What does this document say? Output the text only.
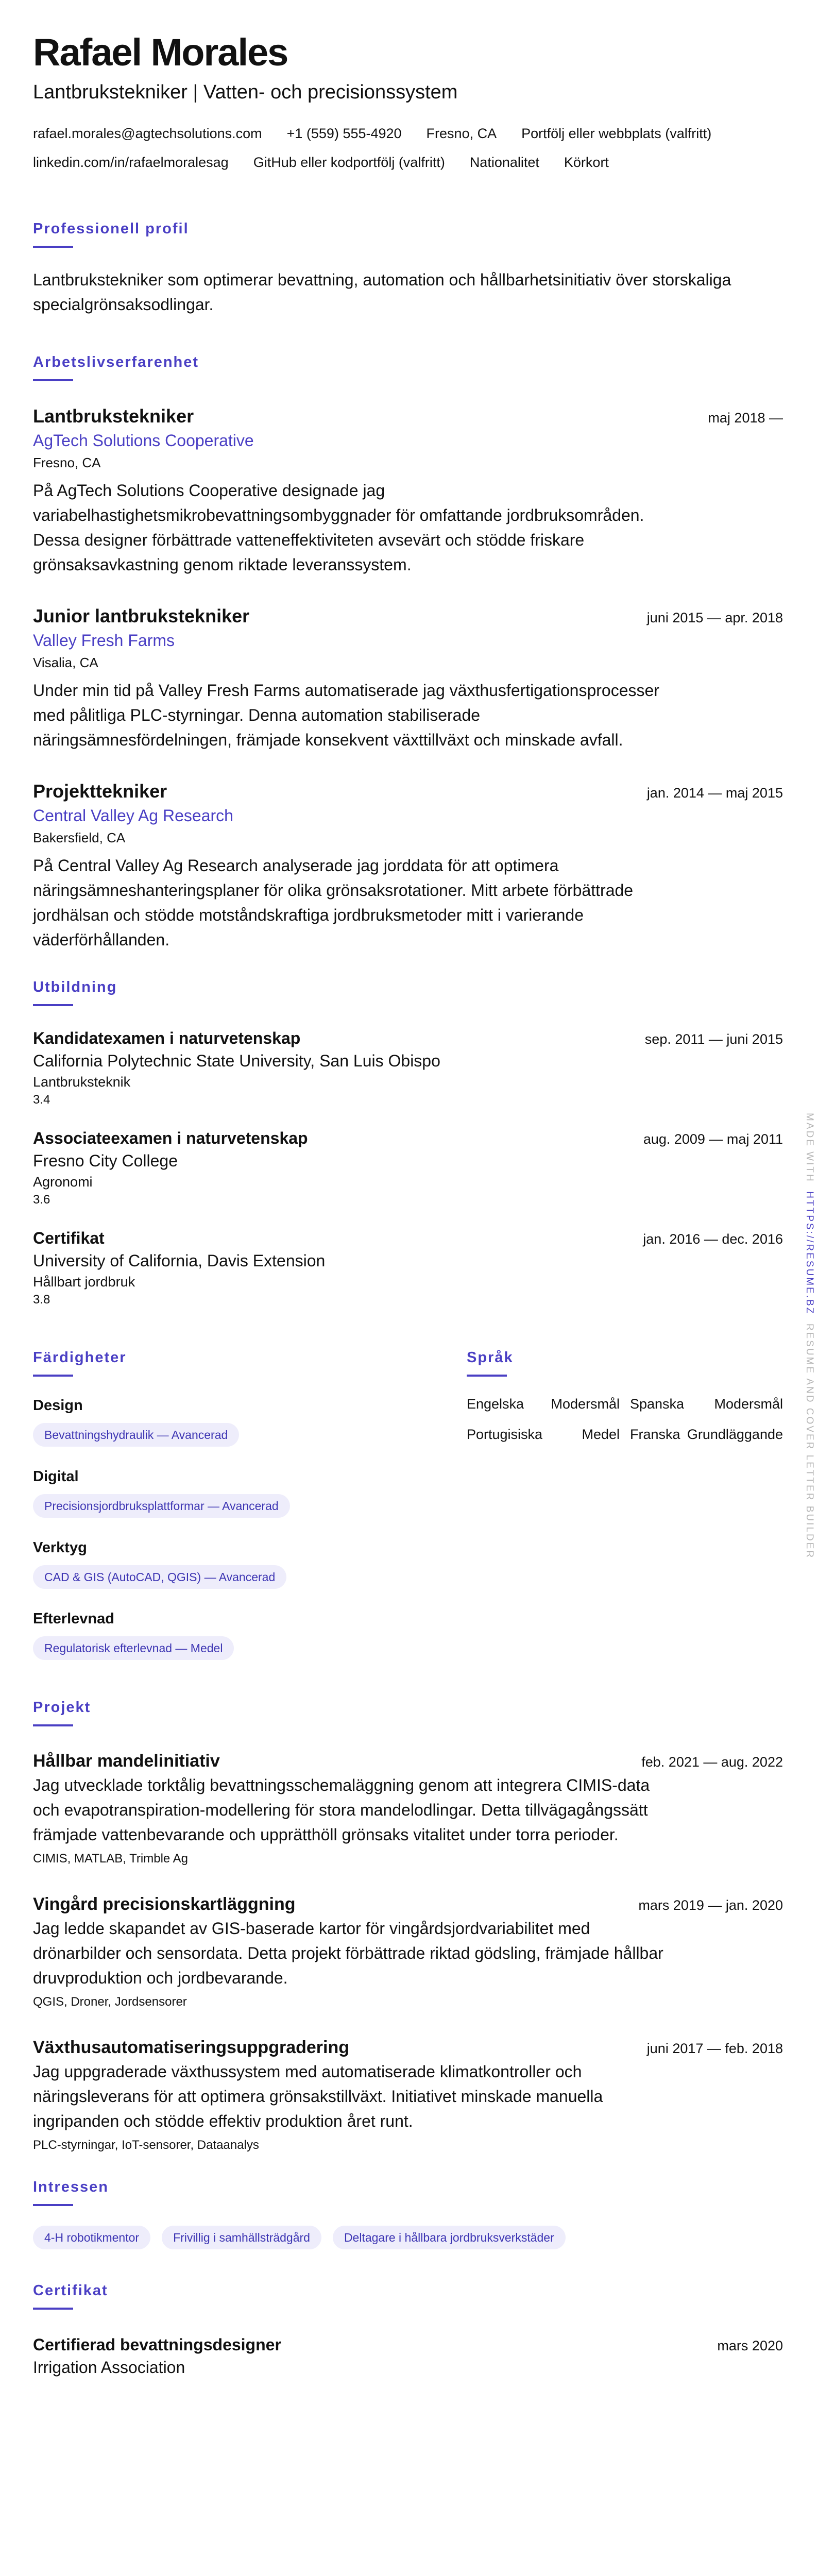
Rafael Morales
Lantbrukstekniker | Vatten- och precisionssystem
rafael.morales@agtechsolutions.com +1 (559) 555-4920 Fresno, CA Portfölj eller webbplats (valfritt)
linkedin.com/in/rafaelmoralesag GitHub eller kodportfölj (valfritt) Nationalitet Körkort
Professionell profil
Lantbrukstekniker som optimerar bevattning, automation och hållbarhetsinitiativ över storskaliga specialgrönsaksodlingar.
Arbetslivserfarenhet
Lantbrukstekniker	maj 2018 —
AgTech Solutions Cooperative
Fresno, CA
På AgTech Solutions Cooperative designade jag variabelhastighetsmikrobevattningsombyggnader för omfattande jordbruksområden. Dessa designer förbättrade vatteneffektiviteten avsevärt och stödde friskare grönsaksavkastning genom riktade leveranssystem.
Junior lantbrukstekniker	juni 2015 — apr. 2018
Valley Fresh Farms
Visalia, CA
Under min tid på Valley Fresh Farms automatiserade jag växthusfertigationsprocesser med pålitliga PLC-styrningar. Denna automation stabiliserade näringsämnesfördelningen, främjade konsekvent växttillväxt och minskade avfall.
Projekttekniker	jan. 2014 — maj 2015
Central Valley Ag Research
Bakersfield, CA
På Central Valley Ag Research analyserade jag jorddata för att optimera näringsämneshanteringsplaner för olika grönsaksrotationer. Mitt arbete förbättrade jordhälsan och stödde motståndskraftiga jordbruksmetoder mitt i varierande väderförhållanden.
Utbildning
Kandidatexamen i naturvetenskap	sep. 2011 — juni 2015
California Polytechnic State University, San Luis Obispo
Lantbruksteknik
3.4
Associateexamen i naturvetenskap	aug. 2009 — maj 2011
Fresno City College
Agronomi
3.6
Certifikat	jan. 2016 — dec. 2016
University of California, Davis Extension
Hållbart jordbruk
3.8
Färdigheter
Design
Bevattningshydraulik — Avancerad
Digital
Precisionsjordbruksplattformar — Avancerad
Verktyg
CAD & GIS (AutoCAD, QGIS) — Avancerad
Efterlevnad
Regulatorisk efterlevnad — Medel
Språk
Engelska Modersmål Spanska Modersmål
Portugisiska	Medel Franska Grundläggande
Projekt
Hållbar mandelinitiativ	feb. 2021 — aug. 2022
Jag utvecklade torktålig bevattningsschemaläggning genom att integrera CIMIS-data och evapotranspiration-modellering för stora mandelodlingar. Detta tillvägagångssätt främjade vattenbevarande och upprätthöll grönsaks vitalitet under torra perioder.
CIMIS, MATLAB, Trimble Ag
Vingård precisionskartläggning	mars 2019 — jan. 2020
Jag ledde skapandet av GIS-baserade kartor för vingårdsjordvariabilitet med drönarbilder och sensordata. Detta projekt förbättrade riktad gödsling, främjade hållbar druvproduktion och jordbevarande.
QGIS, Droner, Jordsensorer
Växthusautomatiseringsuppgradering	juni 2017 — feb. 2018
Jag uppgraderade växthussystem med automatiserade klimatkontroller och näringsleverans för att optimera grönsakstillväxt. Initiativet minskade manuella ingripanden och stödde effektiv produktion året runt.
PLC-styrningar, IoT-sensorer, Dataanalys
Intressen
4-H robotikmentor	Frivillig i samhällsträdgård	Deltagare i hållbara jordbruksverkstäder
Certifikat
Certifierad bevattningsdesigner	mars 2020
Irrigation Association
MADE WITH  HTTPS://RESUME.BZ  RESUME AND COVER LETTER BUILDER
